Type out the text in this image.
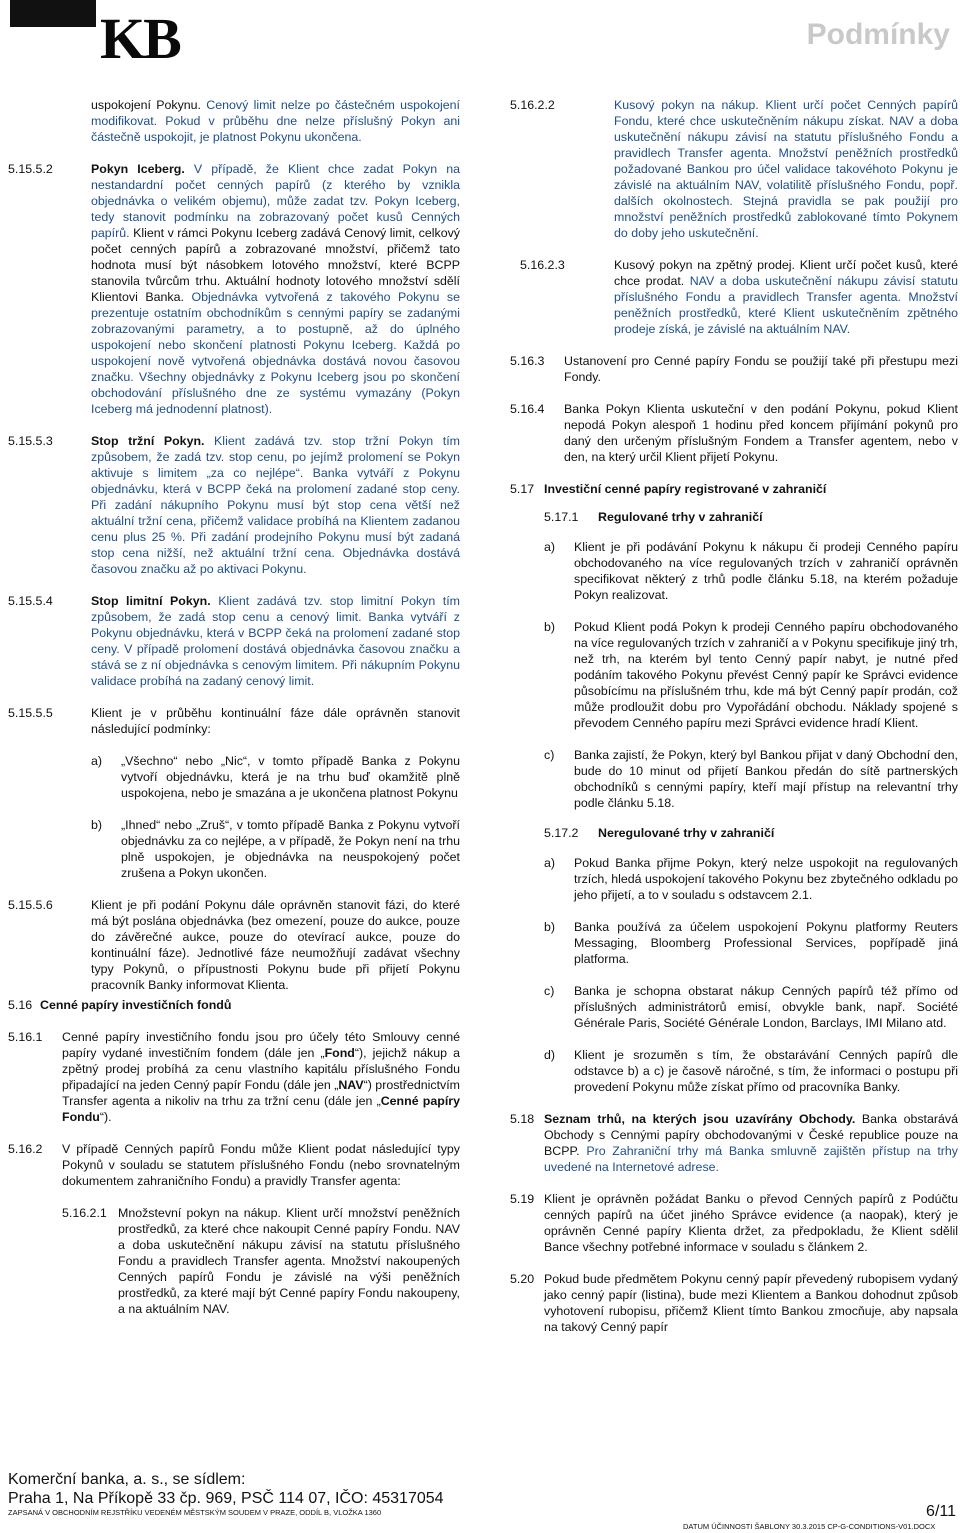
KB	Podmínky
uspokojení Pokynu. Cenový limit nelze po částečném uspokojení modifikovat. Pokud v průběhu dne nelze příslušný Pokyn ani částečně uspokojit, je platnost Pokynu ukončena.
5.15.5.2	Pokyn Iceberg. V případě, že Klient chce zadat Pokyn na nestandardní počet cenných papírů (z kterého by vznikla objednávka o velikém objemu), může zadat tzv. Pokyn Iceberg, tedy stanovit podmínku na zobrazovaný počet kusů Cenných papírů. Klient v rámci Pokynu Iceberg zadává Cenový limit, celkový počet cenných papírů a zobrazované množství, přičemž tato hodnota musí být násobkem lotového množství, které BCPP stanovila tvůrcům trhu. Aktuální hodnoty lotového množství sdělí Klientovi Banka. Objednávka vytvořená z takového Pokynu se prezentuje ostatním obchodníkům s cennými papíry se zadanými zobrazovanými parametry, a to postupně, až do úplného uspokojení nebo skončení platnosti Pokynu Iceberg. Každá po uspokojení nově vytvořená objednávka dostává novou časovou značku. Všechny objednávky z Pokynu Iceberg jsou po skončení obchodování příslušného dne ze systému vymazány (Pokyn Iceberg má jednodenní platnost).
5.15.5.3	Stop tržní Pokyn. Klient zadává tzv. stop tržní Pokyn tím způsobem, že zadá tzv. stop cenu, po jejímž prolomení se Pokyn aktivuje s limitem „za co nejlépe“. Banka vytváří z Pokynu objednávku, která v BCPP čeká na prolomení zadané stop ceny. Při zadání nákupního Pokynu musí být stop cena větší než aktuální tržní cena, přičemž validace probíhá na Klientem zadanou cenu plus 25 %. Při zadání prodejního Pokynu musí být zadaná stop cena nižší, než aktuální tržní cena. Objednávka dostává časovou značku až po aktivaci Pokynu.
5.15.5.4	Stop limitní Pokyn. Klient zadává tzv. stop limitní Pokyn tím způsobem, že zadá stop cenu a cenový limit. Banka vytváří z Pokynu objednávku, která v BCPP čeká na prolomení zadané stop ceny. V případě prolomení dostává objednávka časovou značku a stává se z ní objednávka s cenovým limitem. Při nákupním Pokynu validace probíhá na zadaný cenový limit.
5.15.5.5	Klient je v průběhu kontinuální fáze dále oprávněn stanovit následující podmínky:
a)	„Všechno“ nebo „Nic“, v tomto případě Banka z Pokynu vytvoří objednávku, která je na trhu buď okamžitě plně uspokojena, nebo je smazána a je ukončena platnost Pokynu
b)	„Ihned“ nebo „Zruš“, v tomto případě Banka z Pokynu vytvoří objednávku za co nejlépe, a v případě, že Pokyn není na trhu plně uspokojen, je objednávka na neuspokojený počet zrušena a Pokyn ukončen.
5.15.5.6	Klient je při podání Pokynu dále oprávněn stanovit fázi, do které má být poslána objednávka (bez omezení, pouze do aukce, pouze do závěrečné aukce, pouze do otevírací aukce, pouze do kontinuální fáze). Jednotlivé fáze neumožňují zadávat všechny typy Pokynů, o přípustnosti Pokynu bude při přijetí Pokynu pracovník Banky informovat Klienta.
5.16 Cenné papíry investičních fondů
5.16.1	Cenné papíry investičního fondu jsou pro účely této Smlouvy cenné papíry vydané investičním fondem (dále jen „Fond“), jejichž nákup a zpětný prodej probíhá za cenu vlastního kapitálu příslušného Fondu připadající na jeden Cenný papír Fondu (dále jen „NAV“) prostřednictvím Transfer agenta a nikoliv na trhu za tržní cenu (dále jen „Cenné papíry Fondu“).
5.16.2	V případě Cenných papírů Fondu může Klient podat následující typy Pokynů v souladu se statutem příslušného Fondu (nebo srovnatelným dokumentem zahraničního Fondu) a pravidly Transfer agenta:
5.16.2.1 Množstevní pokyn na nákup. Klient určí množství peněžních prostředků, za které chce nakoupit Cenné papíry Fondu. NAV a doba uskutečnění nákupu závisí na statutu příslušného Fondu a pravidlech Transfer agenta. Množství nakoupených Cenných papírů Fondu je závislé na výši peněžních prostředků, za které mají být Cenné papíry Fondu nakoupeny, a na aktuálním NAV.
5.16.2.2	Kusový pokyn na nákup. Klient určí počet Cenných papírů Fondu, které chce uskutečněním nákupu získat. NAV a doba uskutečnění nákupu závisí na statutu příslušného Fondu a pravidlech Transfer agenta. Množství peněžních prostředků požadované Bankou pro účel validace takovéhoto Pokynu je závislé na aktuálním NAV, volatilitě příslušného Fondu, popř. dalších okolnostech. Stejná pravidla se pak použijí pro množství peněžních prostředků zablokované tímto Pokynem do doby jeho uskutečnění.
5.16.2.3	Kusový pokyn na zpětný prodej. Klient určí počet kusů, které chce prodat. NAV a doba uskutečnění nákupu závisí statutu příslušného Fondu a pravidlech Transfer agenta. Množství peněžních prostředků, které Klient uskutečněním zpětného prodeje získá, je závislé na aktuálním NAV.
5.16.3	Ustanovení pro Cenné papíry Fondu se použijí také při přestupu mezi Fondy.
5.16.4	Banka Pokyn Klienta uskuteční v den podání Pokynu, pokud Klient nepodá Pokyn alespoň 1 hodinu před koncem přijímání pokynů pro daný den určeným příslušným Fondem a Transfer agentem, nebo v den, na který určil Klient přijetí Pokynu.
5.17 Investiční cenné papíry registrované v zahraničí
5.17.1	Regulované trhy v zahraničí
a)	Klient je při podávání Pokynu k nákupu či prodeji Cenného papíru obchodovaného na více regulovaných trzích v zahraničí oprávněn specifikovat některý z trhů podle článku 5.18, na kterém požaduje Pokyn realizovat.
b)	Pokud Klient podá Pokyn k prodeji Cenného papíru obchodovaného na více regulovaných trzích v zahraničí a v Pokynu specifikuje jiný trh, než trh, na kterém byl tento Cenný papír nabyt, je nutné před podáním takového Pokynu převést Cenný papír ke Správci evidence působícímu na příslušném trhu, kde má být Cenný papír prodán, což může prodloužit dobu pro Vypořádání obchodu. Náklady spojené s převodem Cenného papíru mezi Správci evidence hradí Klient.
c)	Banka zajistí, že Pokyn, který byl Bankou přijat v daný Obchodní den, bude do 10 minut od přijetí Bankou předán do sítě partnerských obchodníků s cennými papíry, kteří mají přístup na relevantní trhy podle článku 5.18.
5.17.2	Neregulované trhy v zahraničí
a)	Pokud Banka přijme Pokyn, který nelze uspokojit na regulovaných trzích, hledá uspokojení takového Pokynu bez zbytečného odkladu po jeho přijetí, a to v souladu s odstavcem 2.1.
b)	Banka používá za účelem uspokojení Pokynu platformy Reuters Messaging, Bloomberg Professional Services, popřípadě jiná platforma.
c)	Banka je schopna obstarat nákup Cenných papírů též přímo od příslušných administrátorů emisí, obvykle bank, např. Société Générale Paris, Société Générale London, Barclays, IMI Milano atd.
d)	Klient je srozuměn s tím, že obstarávání Cenných papírů dle odstavce b) a c) je časově náročné, s tím, že informaci o postupu při provedení Pokynu může získat přímo od pracovníka Banky.
5.18 Seznam trhů, na kterých jsou uzavírány Obchody. Banka obstarává Obchody s Cennými papíry obchodovanými v České republice pouze na BCPP. Pro Zahraniční trhy má Banka smluvně zajištěn přístup na trhy uvedené na Internetové adrese.
5.19 Klient je oprávněn požádat Banku o převod Cenných papírů z Podúčtu cenných papírů na účet jiného Správce evidence (a naopak), který je oprávněn Cenné papíry Klienta držet, za předpokladu, že Klient sdělil Bance všechny potřebné informace v souladu s článkem 2.
5.20 Pokud bude předmětem Pokynu cenný papír převedený rubopisem vydaný jako cenný papír (listina), bude mezi Klientem a Bankou dohodnut způsob vyhotovení rubopisu, přičemž Klient tímto Bankou zmocňuje, aby napsala na takový Cenný papír
Komerční banka, a. s., se sídlem:
Praha 1, Na Příkopě 33 čp. 969, PSČ 114 07, IČO: 45317054
ZAPSANÁ V OBCHODNÍM REJSTŘÍKU VEDENÉM MĚSTSKÝM SOUDEM V PRAZE, ODDÍL B, VLOŽKA 1360
DATUM ÚČINNOSTI ŠABLONY 30.3.2015 CP-G-CONDITIONS-V01.DOCX
6/11
